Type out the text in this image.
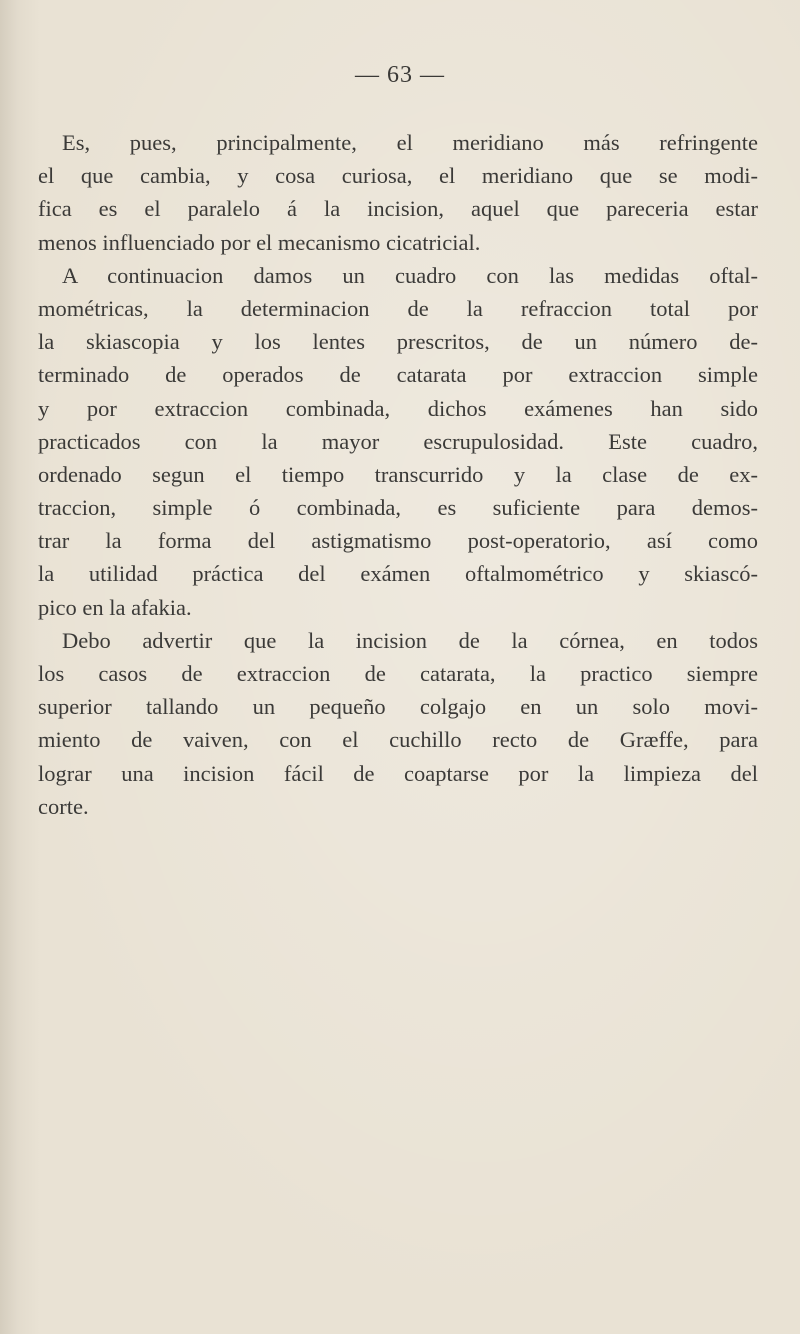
— 63 —
Es, pues, principalmente, el meridiano más refringente
el que cambia, y cosa curiosa, el meridiano que se modi-
fica es el paralelo á la incision, aquel que pareceria estar
menos influenciado por el mecanismo cicatricial.
A continuacion damos un cuadro con las medidas oftal-
mométricas, la determinacion de la refraccion total por
la skiascopia y los lentes prescritos, de un número de-
terminado de operados de catarata por extraccion simple
y por extraccion combinada, dichos exámenes han sido
practicados con la mayor escrupulosidad. Este cuadro,
ordenado segun el tiempo transcurrido y la clase de ex-
traccion, simple ó combinada, es suficiente para demos-
trar la forma del astigmatismo post-operatorio, así como
la utilidad práctica del exámen oftalmométrico y skiascó-
pico en la afakia.
Debo advertir que la incision de la córnea, en todos
los casos de extraccion de catarata, la practico siempre
superior tallando un pequeño colgajo en un solo movi-
miento de vaiven, con el cuchillo recto de Græffe, para
lograr una incision fácil de coaptarse por la limpieza del
corte.
